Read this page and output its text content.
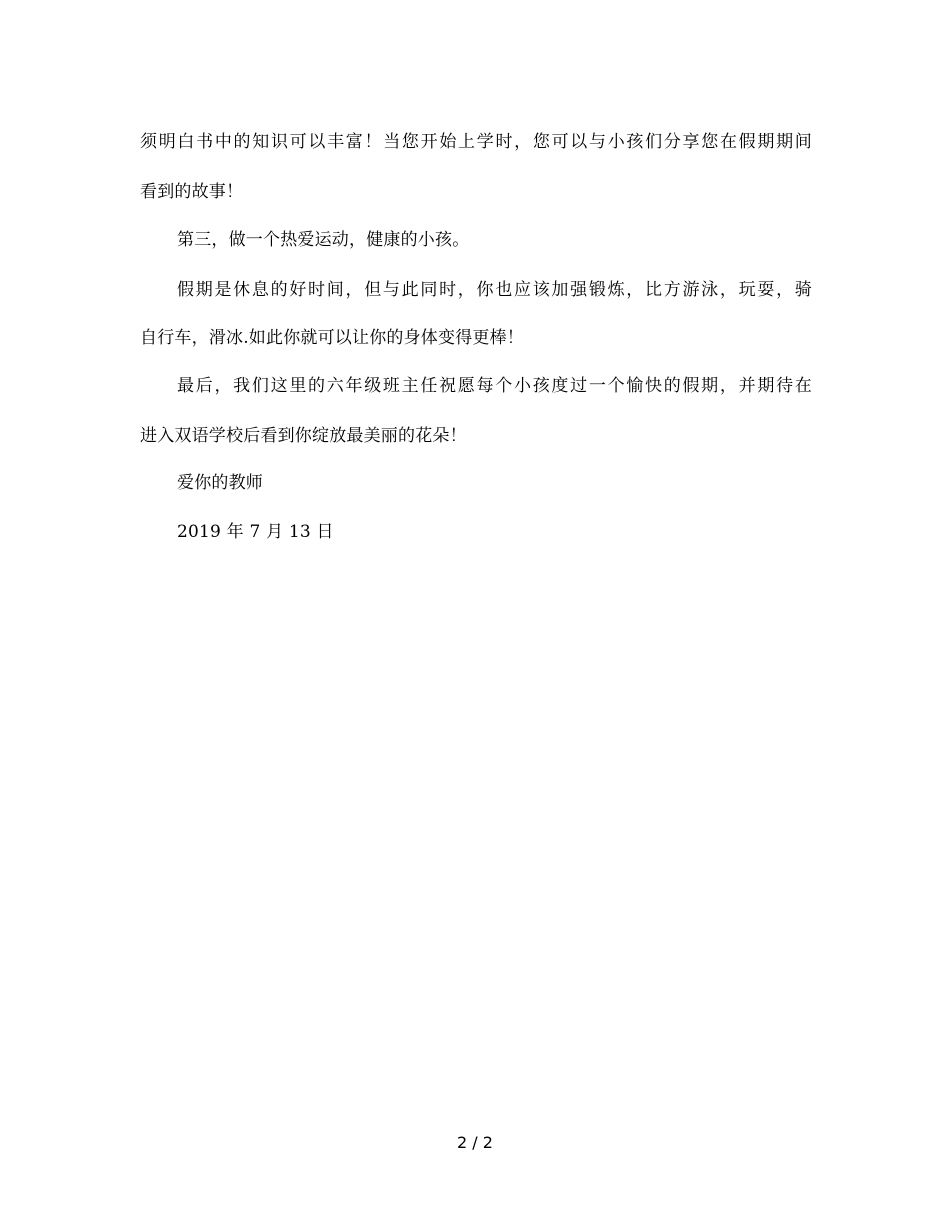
须明白书中的知识可以丰富！当您开始上学时，您可以与小孩们分享您在假期期间
看到的故事！
第三，做一个热爱运动，健康的小孩。
假期是休息的好时间，但与此同时，你也应该加强锻炼，比方游泳，玩耍，骑
自行车，滑冰.如此你就可以让你的身体变得更棒！
最后，我们这里的六年级班主任祝愿每个小孩度过一个愉快的假期，并期待在
进入双语学校后看到你绽放最美丽的花朵！
爱你的教师
2019 年 7 月 13 日
2 / 2
